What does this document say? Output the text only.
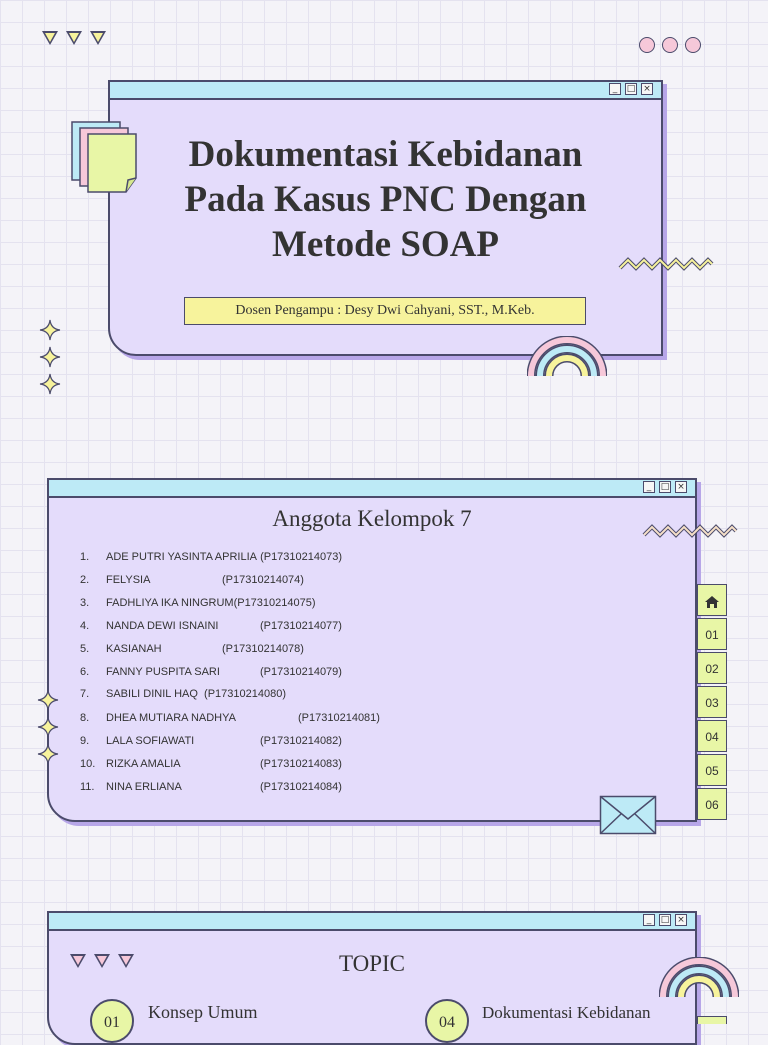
_	□ ×
Dokumentasi Kebidanan
Pada Kasus PNC Dengan
Metode SOAP
Dosen Pengampu : Desy Dwi Cahyani, SST., M.Keb.
_	□ ×
Anggota Kelompok 7
1. ADE PUTRI YASINTA APRILIA (P17310214073)
2. FELYSIA	(P17310214074)
3. FADHLIYA IKA NINGRUM(P17310214075)
4. NANDA DEWI ISNAINI	(P17310214077)
5. KASIANAH	(P17310214078)
6. FANNY PUSPITA SARI	(P17310214079)
7. SABILI DINIL HAQ (P17310214080)
8. DHEA MUTIARA NADHYA	(P17310214081)
9. LALA SOFIAWATI	(P17310214082)
10. RIZKA AMALIA	(P17310214083)
11. NINA ERLIANA	(P17310214084)
01
02
03
04
05
06
_	□ ×
TOPIC
01
Konsep Umum
04
Dokumentasi Kebidanan
